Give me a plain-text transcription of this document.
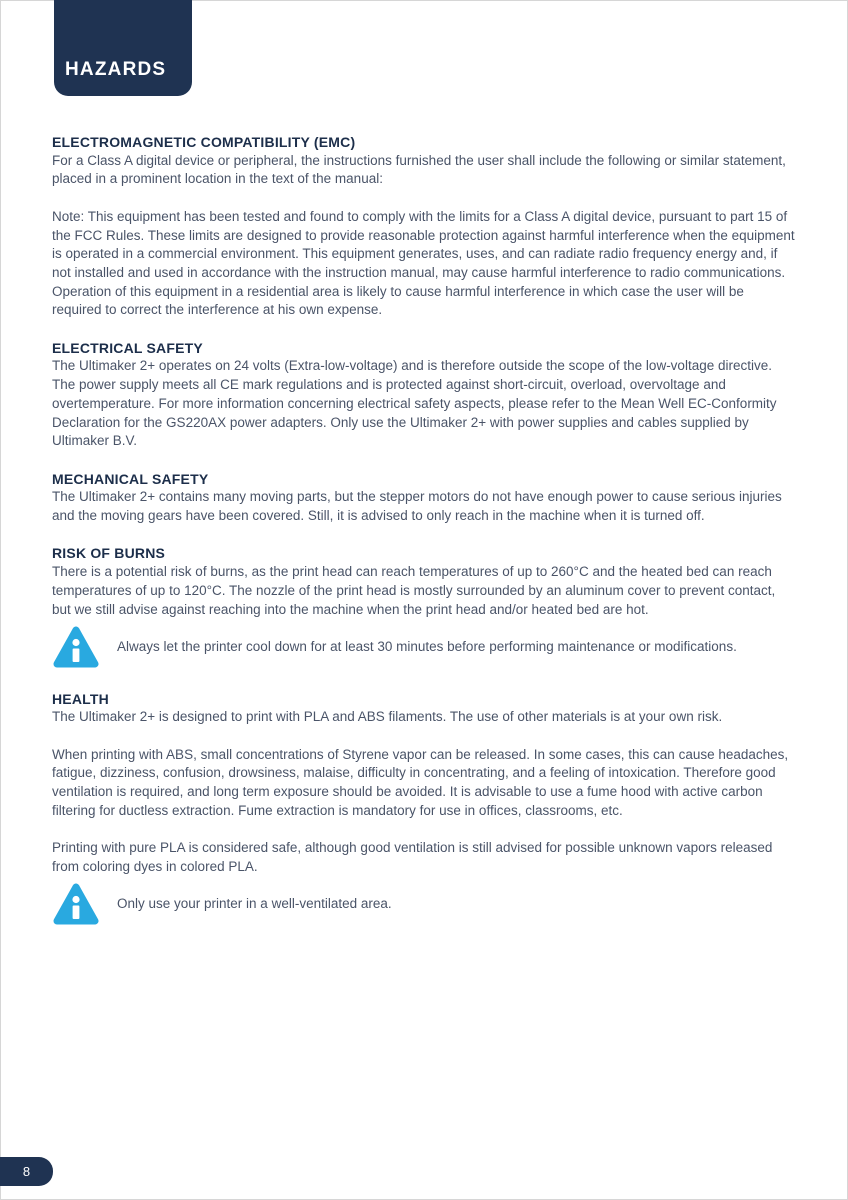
HAZARDS
ELECTROMAGNETIC COMPATIBILITY (EMC)

For a Class A digital device or peripheral, the instructions furnished the user shall include the following or similar statement, placed in a prominent location in the text of the manual:

Note: This equipment has been tested and found to comply with the limits for a Class A digital device, pursuant to part 15 of the FCC Rules. These limits are designed to provide reasonable protection against harmful interference when the equipment is operated in a commercial environment. This equipment generates, uses, and can radiate radio frequency energy and, if not installed and used in accordance with the instruction manual, may cause harmful interference to radio communications. Operation of this equipment in a residential area is likely to cause harmful interference in which case the user will be required to correct the interference at his own expense.

ELECTRICAL SAFETY

The Ultimaker 2+ operates on 24 volts (Extra-low-voltage) and is therefore outside the scope of the low-voltage directive. The power supply meets all CE mark regulations and is protected against short-circuit, overload, overvoltage and overtemperature. For more information concerning electrical safety aspects, please refer to the Mean Well EC-Conformity Declaration for the GS220AX power adapters. Only use the Ultimaker 2+ with power supplies and cables supplied by Ultimaker B.V.

MECHANICAL SAFETY

The Ultimaker 2+ contains many moving parts, but the stepper motors do not have enough power to cause serious injuries and the moving gears have been covered. Still, it is advised to only reach in the machine when it is turned off.

RISK OF BURNS

There is a potential risk of burns, as the print head can reach temperatures of up to 260°C and the heated bed can reach temperatures of up to 120°C. The nozzle of the print head is mostly surrounded by an aluminum cover to prevent contact, but we still advise against reaching into the machine when the print head and/or heated bed are hot.

Always let the printer cool down for at least 30 minutes before performing maintenance or modifications.

HEALTH

The Ultimaker 2+ is designed to print with PLA and ABS filaments. The use of other materials is at your own risk.

When printing with ABS, small concentrations of Styrene vapor can be released. In some cases, this can cause headaches, fatigue, dizziness, confusion, drowsiness, malaise, difficulty in concentrating, and a feeling of intoxication. Therefore good ventilation is required, and long term exposure should be avoided. It is advisable to use a fume hood with active carbon filtering for ductless extraction. Fume extraction is mandatory for use in offices, classrooms, etc.

Printing with pure PLA is considered safe, although good ventilation is still advised for possible unknown vapors released from coloring dyes in colored PLA.

Only use your printer in a well-ventilated area.

8
